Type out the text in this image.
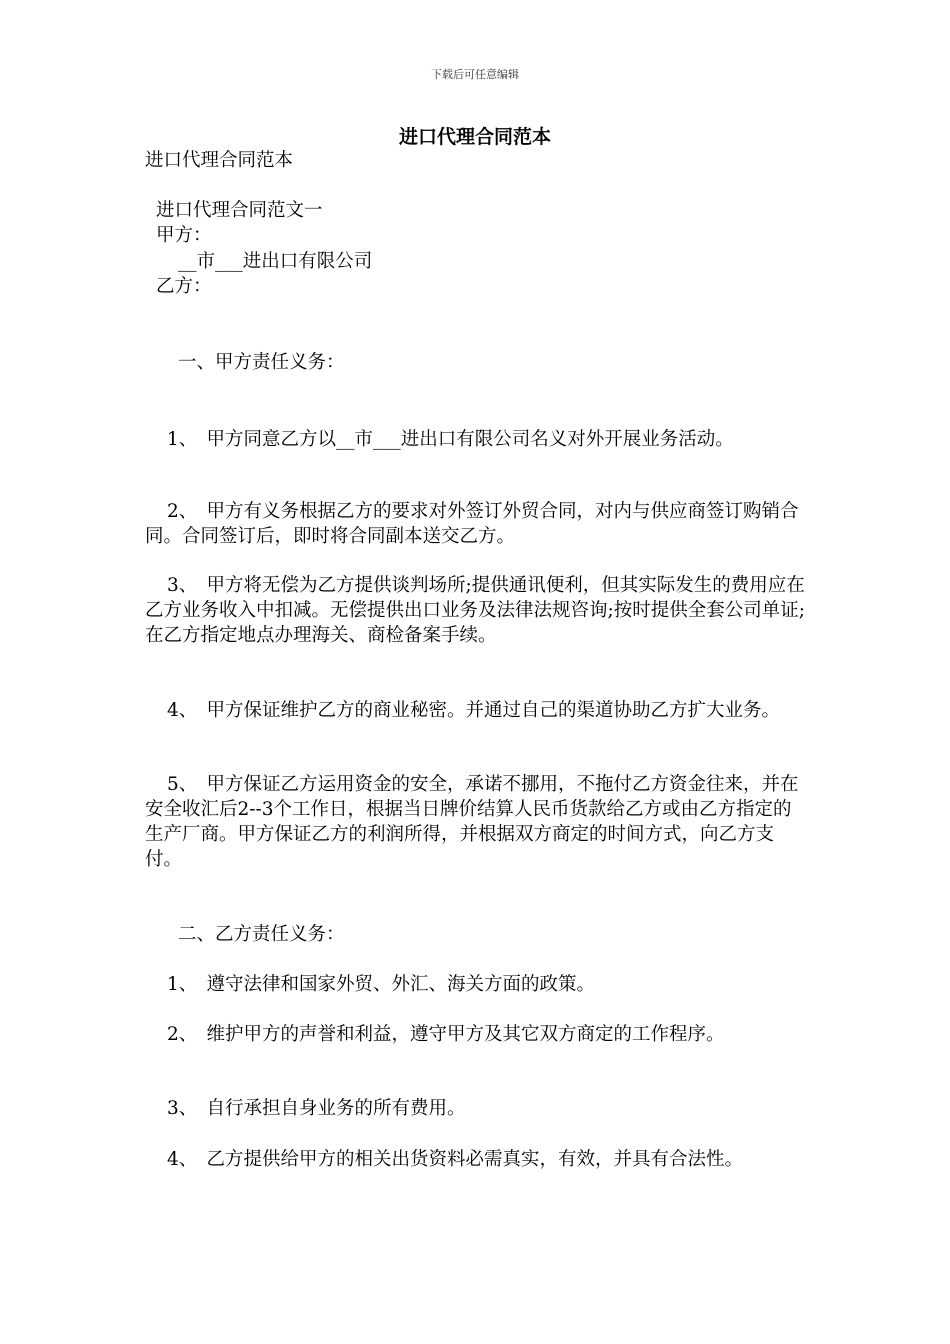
下载后可任意编辑
进口代理合同范本
进口代理合同范本
进口代理合同范文一
甲方：
__市___进出口有限公司
乙方：
一、甲方责任义务：
1、　甲方同意乙方以__市___进出口有限公司名义对外开展业务活动。
2、　甲方有义务根据乙方的要求对外签订外贸合同，对内与供应商签订购销合同。合同签订后，即时将合同副本送交乙方。
3、　甲方将无偿为乙方提供谈判场所;提供通讯便利，但其实际发生的费用应在乙方业务收入中扣减。无偿提供出口业务及法律法规咨询;按时提供全套公司单证;在乙方指定地点办理海关、商检备案手续。
4、　甲方保证维护乙方的商业秘密。并通过自己的渠道协助乙方扩大业务。
5、　甲方保证乙方运用资金的安全，承诺不挪用，不拖付乙方资金往来，并在安全收汇后2--3个工作日，根据当日牌价结算人民币货款给乙方或由乙方指定的生产厂商。甲方保证乙方的利润所得，并根据双方商定的时间方式，向乙方支付。
二、乙方责任义务：
1、　遵守法律和国家外贸、外汇、海关方面的政策。
2、　维护甲方的声誉和利益，遵守甲方及其它双方商定的工作程序。
3、　自行承担自身业务的所有费用。
4、　乙方提供给甲方的相关出货资料必需真实，有效，并具有合法性。
